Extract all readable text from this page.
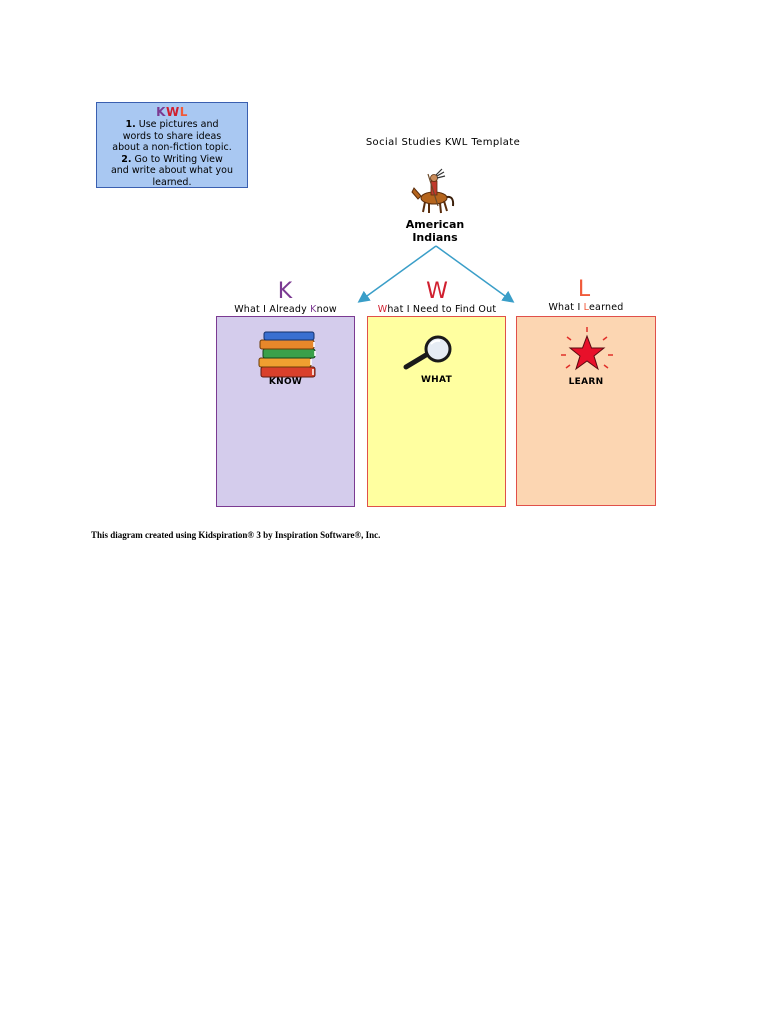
KWL
1. Use pictures and
words to share ideas
about a non-fiction topic.
2. Go to Writing View
and write about what you
learned.
Social Studies KWL Template
American
Indians
K	W	L
What I Already Know	What I Need to Find Out	What I Learned
KNOW	WHAT	LEARN
This diagram created using Kidspiration® 3 by Inspiration Software®, Inc.
